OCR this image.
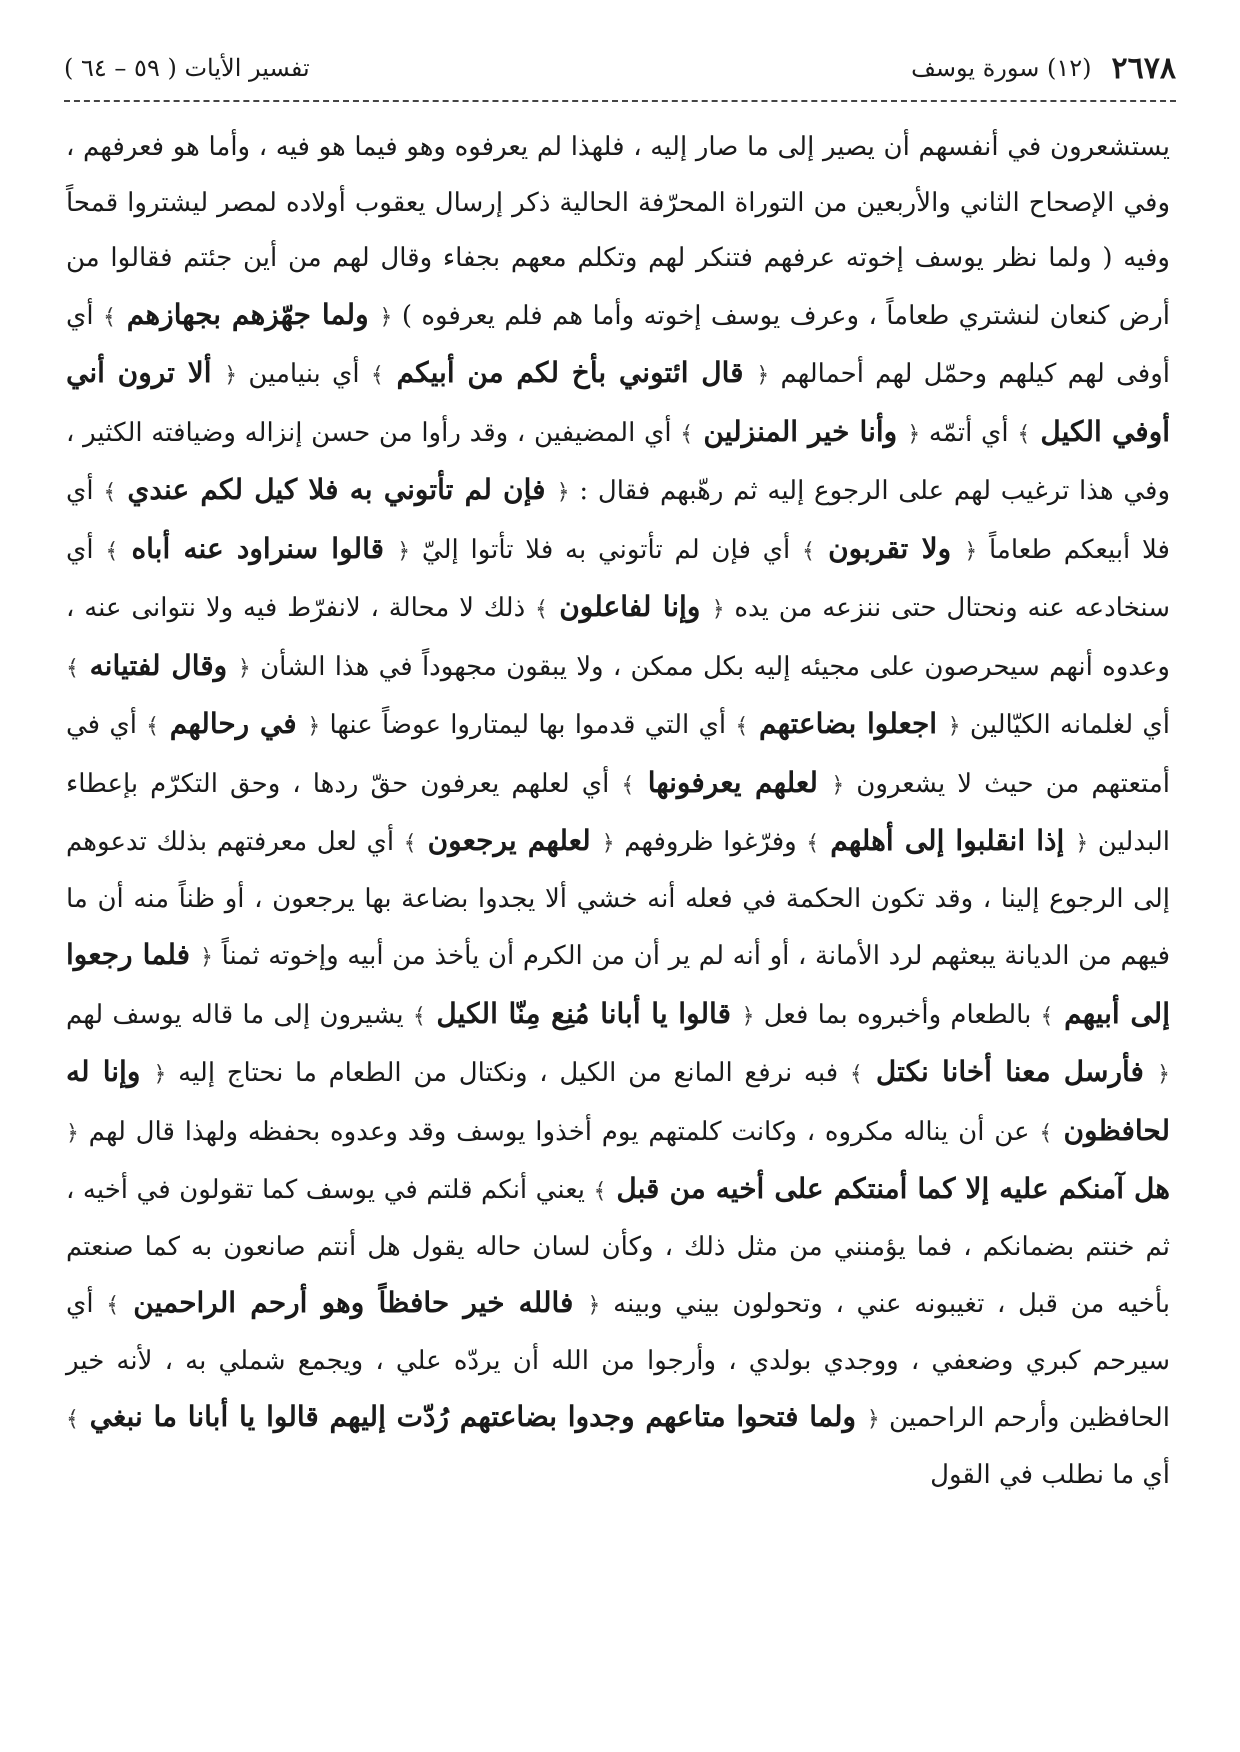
٢٦٧٨
(١٢) سورة يوسف
تفسير الأيات ( ٥٩ – ٦٤ )

يستشعرون في أنفسهم أن يصير إلى ما صار إليه ، فلهذا لم يعرفوه وهو فيما هو فيه ، وأما هو فعرفهم ، وفي الإصحاح الثاني والأربعين من التوراة المحرّفة الحالية ذكر إرسال يعقوب أولاده لمصر ليشتروا قمحاً وفيه ( ولما نظر يوسف إخوته عرفهم فتنكر لهم وتكلم معهم بجفاء وقال لهم من أين جئتم فقالوا من أرض كنعان لنشتري طعاماً ، وعرف يوسف إخوته وأما هم فلم يعرفوه ) ﴿ ولما جهّزهم بجهازهم ﴾ أي أوفى لهم كيلهم وحمّل لهم أحمالهم ﴿ قال ائتوني بأخ لكم من أبيكم ﴾ أي بنيامين ﴿ ألا ترون أني أوفي الكيل ﴾ أي أتمّه ﴿ وأنا خير المنزلين ﴾ أي المضيفين ، وقد رأوا من حسن إنزاله وضيافته الكثير ، وفي هذا ترغيب لهم على الرجوع إليه ثم رهّبهم فقال : ﴿ فإن لم تأتوني به فلا كيل لكم عندي ﴾ أي فلا أبيعكم طعاماً ﴿ ولا تقربون ﴾ أي فإن لم تأتوني به فلا تأتوا إليّ ﴿ قالوا سنراود عنه أباه ﴾ أي سنخادعه عنه ونحتال حتى ننزعه من يده ﴿ وإنا لفاعلون ﴾ ذلك لا محالة ، لانفرّط فيه ولا نتوانى عنه ، وعدوه أنهم سيحرصون على مجيئه إليه بكل ممكن ، ولا يبقون مجهوداً في هذا الشأن ﴿ وقال لفتيانه ﴾ أي لغلمانه الكيّالين ﴿ اجعلوا بضاعتهم ﴾ أي التي قدموا بها ليمتاروا عوضاً عنها ﴿ في رحالهم ﴾ أي في أمتعتهم من حيث لا يشعرون ﴿ لعلهم يعرفونها ﴾ أي لعلهم يعرفون حقّ ردها ، وحق التكرّم بإعطاء البدلين ﴿ إذا انقلبوا إلى أهلهم ﴾ وفرّغوا ظروفهم ﴿ لعلهم يرجعون ﴾ أي لعل معرفتهم بذلك تدعوهم إلى الرجوع إلينا ، وقد تكون الحكمة في فعله أنه خشي ألا يجدوا بضاعة بها يرجعون ، أو ظناً منه أن ما فيهم من الديانة يبعثهم لرد الأمانة ، أو أنه لم ير أن من الكرم أن يأخذ من أبيه وإخوته ثمناً ﴿ فلما رجعوا إلى أبيهم ﴾ بالطعام وأخبروه بما فعل ﴿ قالوا يا أبانا مُنِع مِنّا الكيل ﴾ يشيرون إلى ما قاله يوسف لهم ﴿ فأرسل معنا أخانا نكتل ﴾ فبه نرفع المانع من الكيل ، ونكتال من الطعام ما نحتاج إليه ﴿ وإنا له لحافظون ﴾ عن أن يناله مكروه ، وكانت كلمتهم يوم أخذوا يوسف وقد وعدوه بحفظه ولهذا قال لهم ﴿ هل آمنكم عليه إلا كما أمنتكم على أخيه من قبل ﴾ يعني أنكم قلتم في يوسف كما تقولون في أخيه ، ثم خنتم بضمانكم ، فما يؤمنني من مثل ذلك ، وكأن لسان حاله يقول هل أنتم صانعون به كما صنعتم بأخيه من قبل ، تغيبونه عني ، وتحولون بيني وبينه ﴿ فالله خير حافظاً وهو أرحم الراحمين ﴾ أي سيرحم كبري وضعفي ، ووجدي بولدي ، وأرجوا من الله أن يردّه علي ، ويجمع شملي به ، لأنه خير الحافظين وأرحم الراحمين ﴿ ولما فتحوا متاعهم وجدوا بضاعتهم رُدّت إليهم قالوا يا أبانا ما نبغي ﴾ أي ما نطلب في القول
